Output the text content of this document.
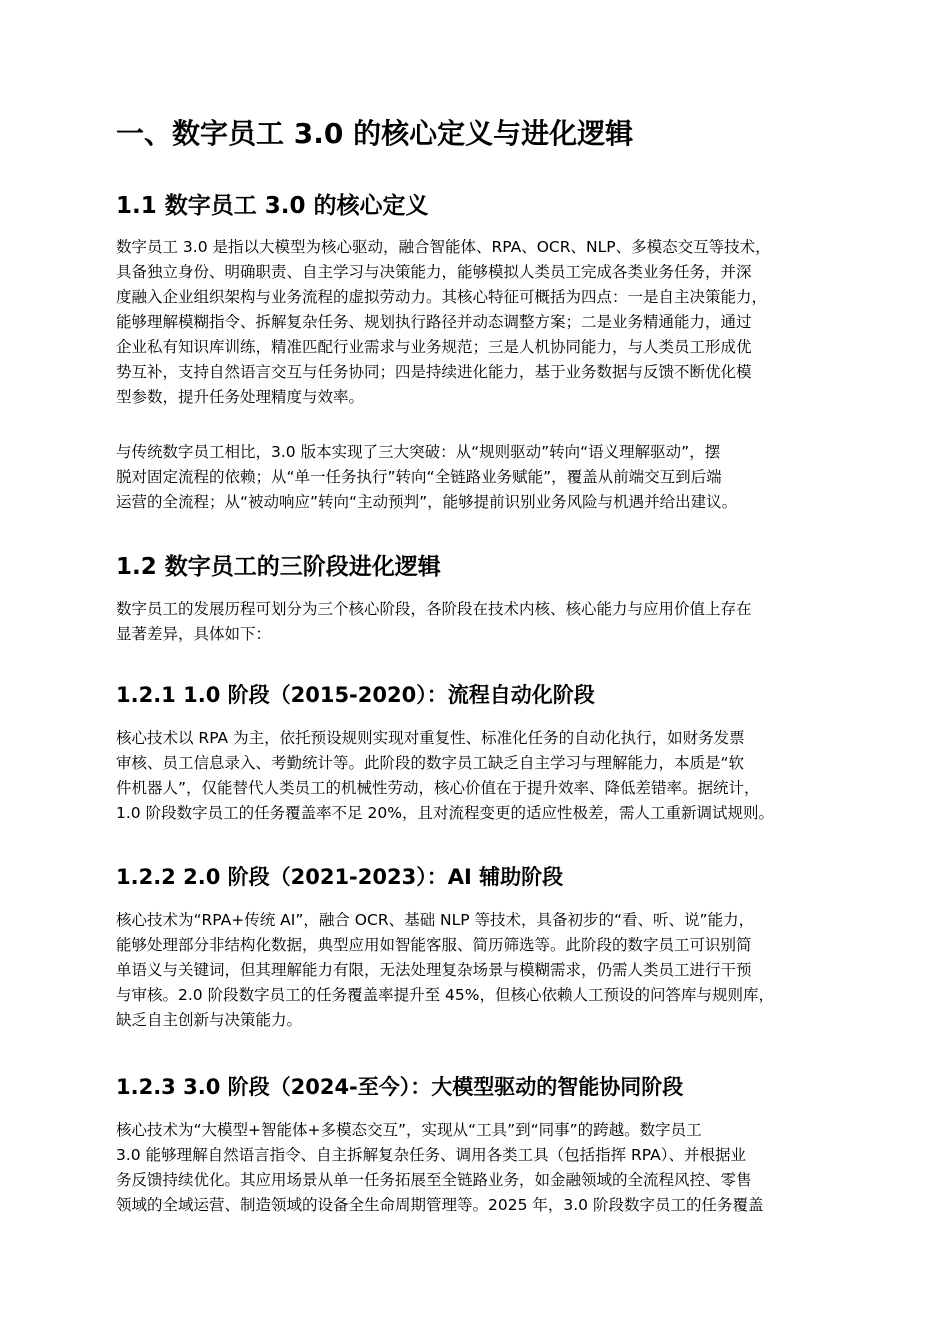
一、数字员工 3.0 的核心定义与进化逻辑
1.1 数字员工 3.0 的核心定义
数字员工 3.0 是指以大模型为核心驱动，融合智能体、RPA、OCR、NLP、多模态交互等技术，
具备独立身份、明确职责、自主学习与决策能力，能够模拟人类员工完成各类业务任务，并深
度融入企业组织架构与业务流程的虚拟劳动力。其核心特征可概括为四点：一是自主决策能力，
能够理解模糊指令、拆解复杂任务、规划执行路径并动态调整方案；二是业务精通能力，通过
企业私有知识库训练，精准匹配行业需求与业务规范；三是人机协同能力，与人类员工形成优
势互补，支持自然语言交互与任务协同；四是持续进化能力，基于业务数据与反馈不断优化模
型参数，提升任务处理精度与效率。
与传统数字员工相比，3.0 版本实现了三大突破：从“规则驱动”转向“语义理解驱动”，摆
脱对固定流程的依赖；从“单一任务执行”转向“全链路业务赋能”，覆盖从前端交互到后端
运营的全流程；从“被动响应”转向“主动预判”，能够提前识别业务风险与机遇并给出建议。
1.2 数字员工的三阶段进化逻辑
数字员工的发展历程可划分为三个核心阶段，各阶段在技术内核、核心能力与应用价值上存在
显著差异，具体如下：
1.2.1 1.0 阶段（2015-2020）：流程自动化阶段
核心技术以 RPA 为主，依托预设规则实现对重复性、标准化任务的自动化执行，如财务发票
审核、员工信息录入、考勤统计等。此阶段的数字员工缺乏自主学习与理解能力，本质是“软
件机器人”，仅能替代人类员工的机械性劳动，核心价值在于提升效率、降低差错率。据统计，
1.0 阶段数字员工的任务覆盖率不足 20%，且对流程变更的适应性极差，需人工重新调试规则。
1.2.2 2.0 阶段（2021-2023）：AI 辅助阶段
核心技术为“RPA+传统 AI”，融合 OCR、基础 NLP 等技术，具备初步的“看、听、说”能力，
能够处理部分非结构化数据，典型应用如智能客服、简历筛选等。此阶段的数字员工可识别简
单语义与关键词，但其理解能力有限，无法处理复杂场景与模糊需求，仍需人类员工进行干预
与审核。2.0 阶段数字员工的任务覆盖率提升至 45%，但核心依赖人工预设的问答库与规则库，
缺乏自主创新与决策能力。
1.2.3 3.0 阶段（2024-至今）：大模型驱动的智能协同阶段
核心技术为“大模型+智能体+多模态交互”，实现从“工具”到“同事”的跨越。数字员工
3.0 能够理解自然语言指令、自主拆解复杂任务、调用各类工具（包括指挥 RPA）、并根据业
务反馈持续优化。其应用场景从单一任务拓展至全链路业务，如金融领域的全流程风控、零售
领域的全域运营、制造领域的设备全生命周期管理等。2025 年，3.0 阶段数字员工的任务覆盖
